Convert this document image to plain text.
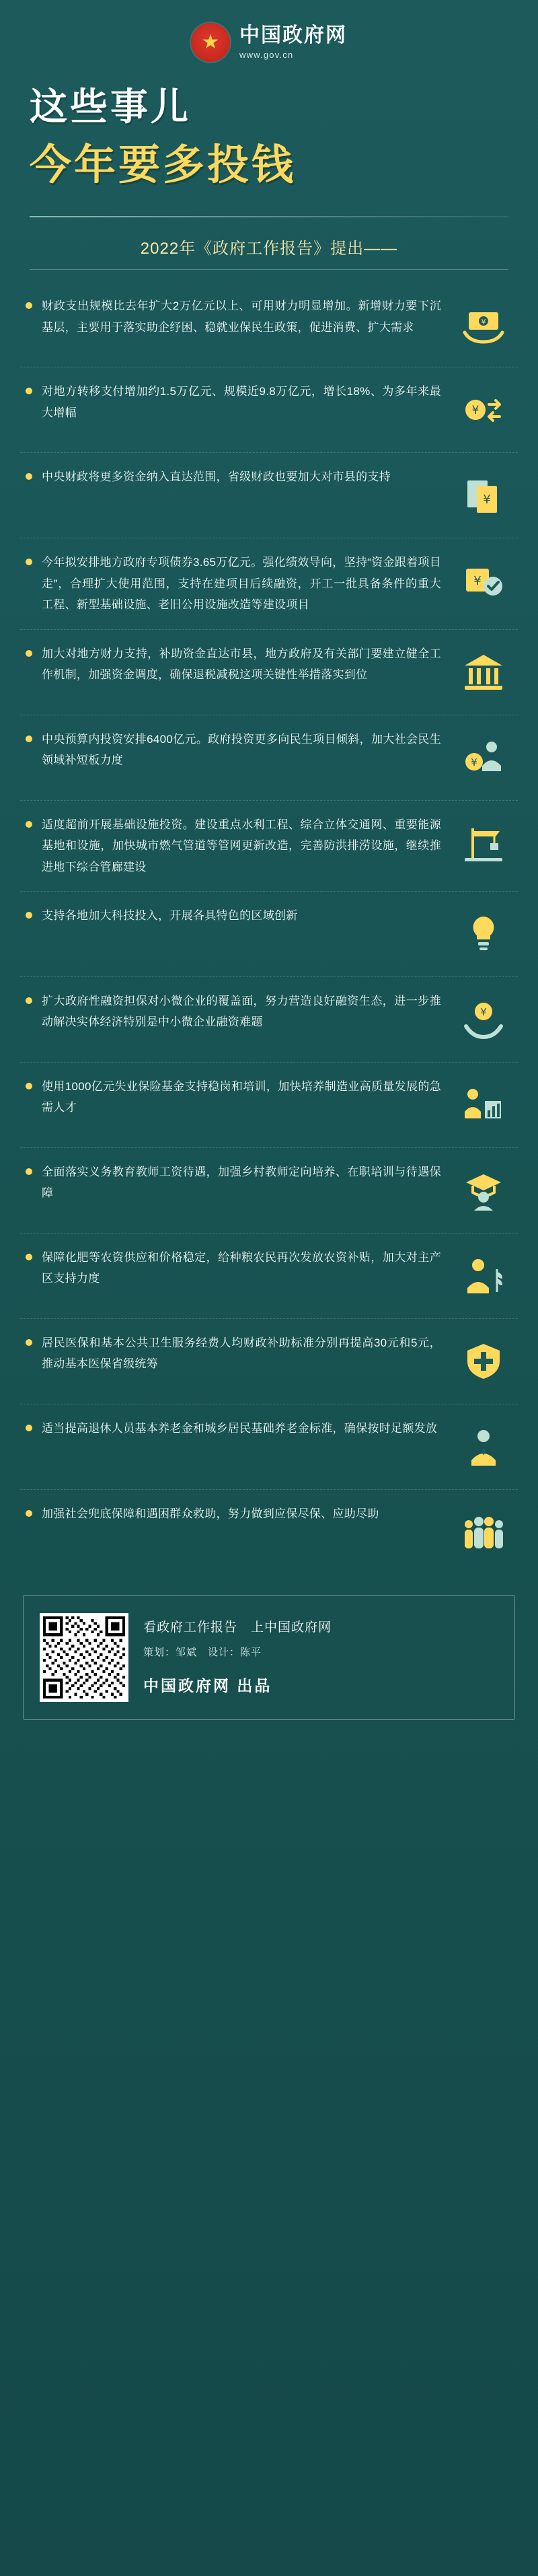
★ 中国政府网
www.gov.cn
这些事儿
今年要多投钱
2022年《政府工作报告》提出——
财政支出规模比去年扩大2万亿元以上、可用财力明显增加。新增财力要下沉基层，主要用于落实助企纾困、稳就业保民生政策，促进消费、扩大需求	¥
对地方转移支付增加约1.5万亿元、规模近9.8万亿元，增长18%、为多年来最大增幅	¥
中央财政将更多资金纳入直达范围，省级财政也要加大对市县的支持
¥
今年拟安排地方政府专项债券3.65万亿元。强化绩效导向，坚持“资金跟着项目走”，合理扩大使用范围，支持在建项目后续融资，开工一批具备条件的重大工程、新型基础设施、老旧公用设施改造等建设项目
¥
加大对地方财力支持，补助资金直达市县，地方政府及有关部门要建立健全工作机制，加强资金调度，确保退税减税这项关键性举措落实到位
中央预算内投资安排6400亿元。政府投资更多向民生项目倾斜，加大社会民生领域补短板力度	¥
适度超前开展基础设施投资。建设重点水利工程、综合立体交通网、重要能源基地和设施，加快城市燃气管道等管网更新改造，完善防洪排涝设施，继续推进地下综合管廊建设
支持各地加大科技投入，开展各具特色的区域创新
扩大政府性融资担保对小微企业的覆盖面，努力营造良好融资生态，进一步推动解决实体经济特别是中小微企业融资难题
¥
使用1000亿元失业保险基金支持稳岗和培训，加快培养制造业高质量发展的急需人才
全面落实义务教育教师工资待遇，加强乡村教师定向培养、在职培训与待遇保障
保障化肥等农资供应和价格稳定，给种粮农民再次发放农资补贴，加大对主产区支持力度
居民医保和基本公共卫生服务经费人均财政补助标准分别再提高30元和5元，推动基本医保省级统筹
适当提高退休人员基本养老金和城乡居民基础养老金标准，确保按时足额发放
加强社会兜底保障和遇困群众救助，努力做到应保尽保、应助尽助
看政府工作报告　上中国政府网
策划：邹斌　设计：陈平
中国政府网 出品
